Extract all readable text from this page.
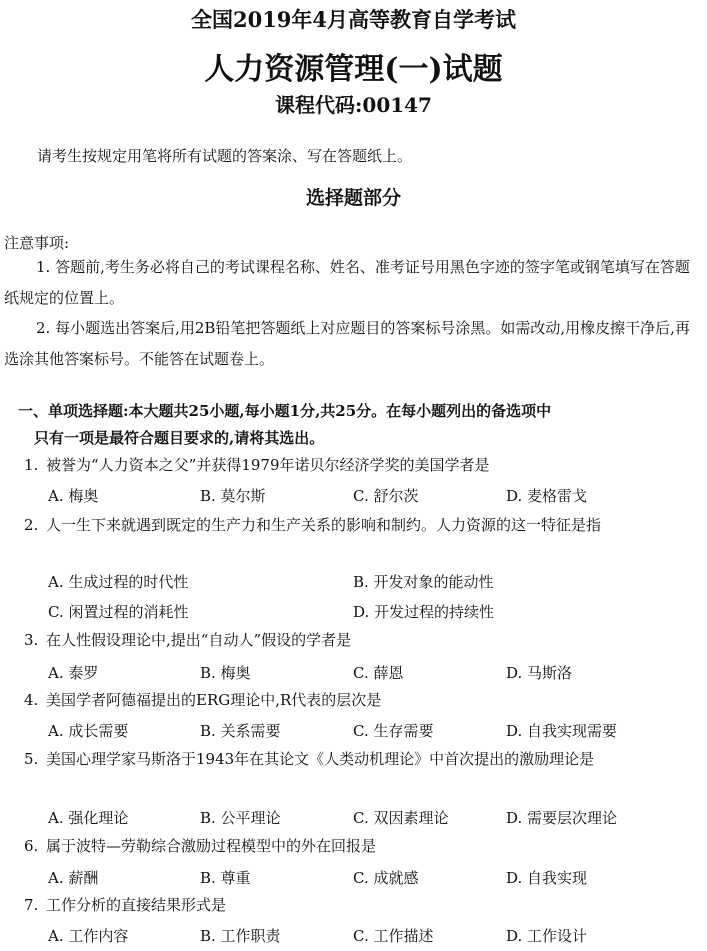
全国2019年4月高等教育自学考试
人力资源管理(一)试题
课程代码:00147
请考生按规定用笔将所有试题的答案涂、写在答题纸上。
选择题部分
注意事项:
1. 答题前,考生务必将自己的考试课程名称、姓名、准考证号用黑色字迹的签字笔或钢笔填写在答题纸规定的位置上。
2. 每小题选出答案后,用2B铅笔把答题纸上对应题目的答案标号涂黑。如需改动,用橡皮擦干净后,再选涂其他答案标号。不能答在试题卷上。
一、单项选择题:本大题共25小题,每小题1分,共25分。在每小题列出的备选项中
只有一项是最符合题目要求的,请将其选出。
1. 被誉为“人力资本之父”并获得1979年诺贝尔经济学奖的美国学者是
A. 梅奥	B. 莫尔斯	C. 舒尔茨	D. 麦格雷戈
2. 人一生下来就遇到既定的生产力和生产关系的影响和制约。人力资源的这一特征是指
A. 生成过程的时代性	B. 开发对象的能动性
C. 闲置过程的消耗性	D. 开发过程的持续性
3. 在人性假设理论中,提出“自动人”假设的学者是
A. 泰罗	B. 梅奥	C. 薛恩	D. 马斯洛
4. 美国学者阿德福提出的ERG理论中,R代表的层次是
A. 成长需要	B. 关系需要	C. 生存需要	D. 自我实现需要
5. 美国心理学家马斯洛于1943年在其论文《人类动机理论》中首次提出的激励理论是
A. 强化理论	B. 公平理论	C. 双因素理论	D. 需要层次理论
6. 属于波特—劳勒综合激励过程模型中的外在回报是
A. 薪酬	B. 尊重	C. 成就感	D. 自我实现
7. 工作分析的直接结果形式是
A. 工作内容	B. 工作职责	C. 工作描述	D. 工作设计
